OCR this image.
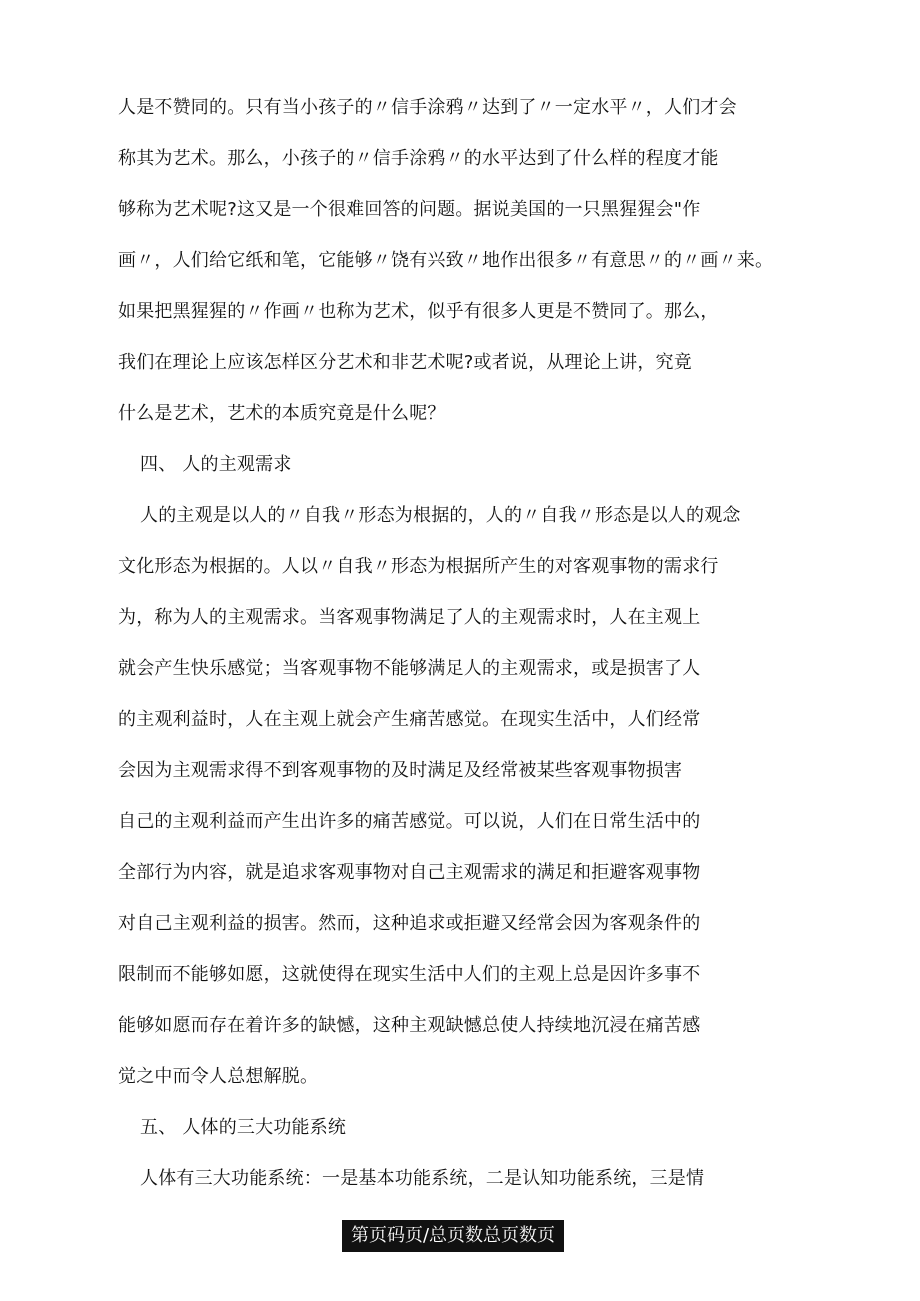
人是不赞同的。只有当小孩子的〃信手涂鸦〃达到了〃一定水平〃，人们才会
称其为艺术。那么，小孩子的〃信手涂鸦〃的水平达到了什么样的程度才能
够称为艺术呢?这又是一个很难回答的问题。据说美国的一只黑猩猩会"作
画〃，人们给它纸和笔，它能够〃饶有兴致〃地作出很多〃有意思〃的〃画〃来。
如果把黑猩猩的〃作画〃也称为艺术，似乎有很多人更是不赞同了。那么，
我们在理论上应该怎样区分艺术和非艺术呢?或者说，从理论上讲，究竟
什么是艺术，艺术的本质究竟是什么呢？
四、 人的主观需求
人的主观是以人的〃自我〃形态为根据的，人的〃自我〃形态是以人的观念
文化形态为根据的。人以〃自我〃形态为根据所产生的对客观事物的需求行
为，称为人的主观需求。当客观事物满足了人的主观需求时，人在主观上
就会产生快乐感觉；当客观事物不能够满足人的主观需求，或是损害了人
的主观利益时，人在主观上就会产生痛苦感觉。在现实生活中，人们经常
会因为主观需求得不到客观事物的及时满足及经常被某些客观事物损害
自己的主观利益而产生出许多的痛苦感觉。可以说，人们在日常生活中的
全部行为内容，就是追求客观事物对自己主观需求的满足和拒避客观事物
对自己主观利益的损害。然而，这种追求或拒避又经常会因为客观条件的
限制而不能够如愿，这就使得在现实生活中人们的主观上总是因许多事不
能够如愿而存在着许多的缺憾，这种主观缺憾总使人持续地沉浸在痛苦感
觉之中而令人总想解脱。
五、 人体的三大功能系统
人体有三大功能系统：一是基本功能系统，二是认知功能系统，三是情
第页码页/总页数总页数页
